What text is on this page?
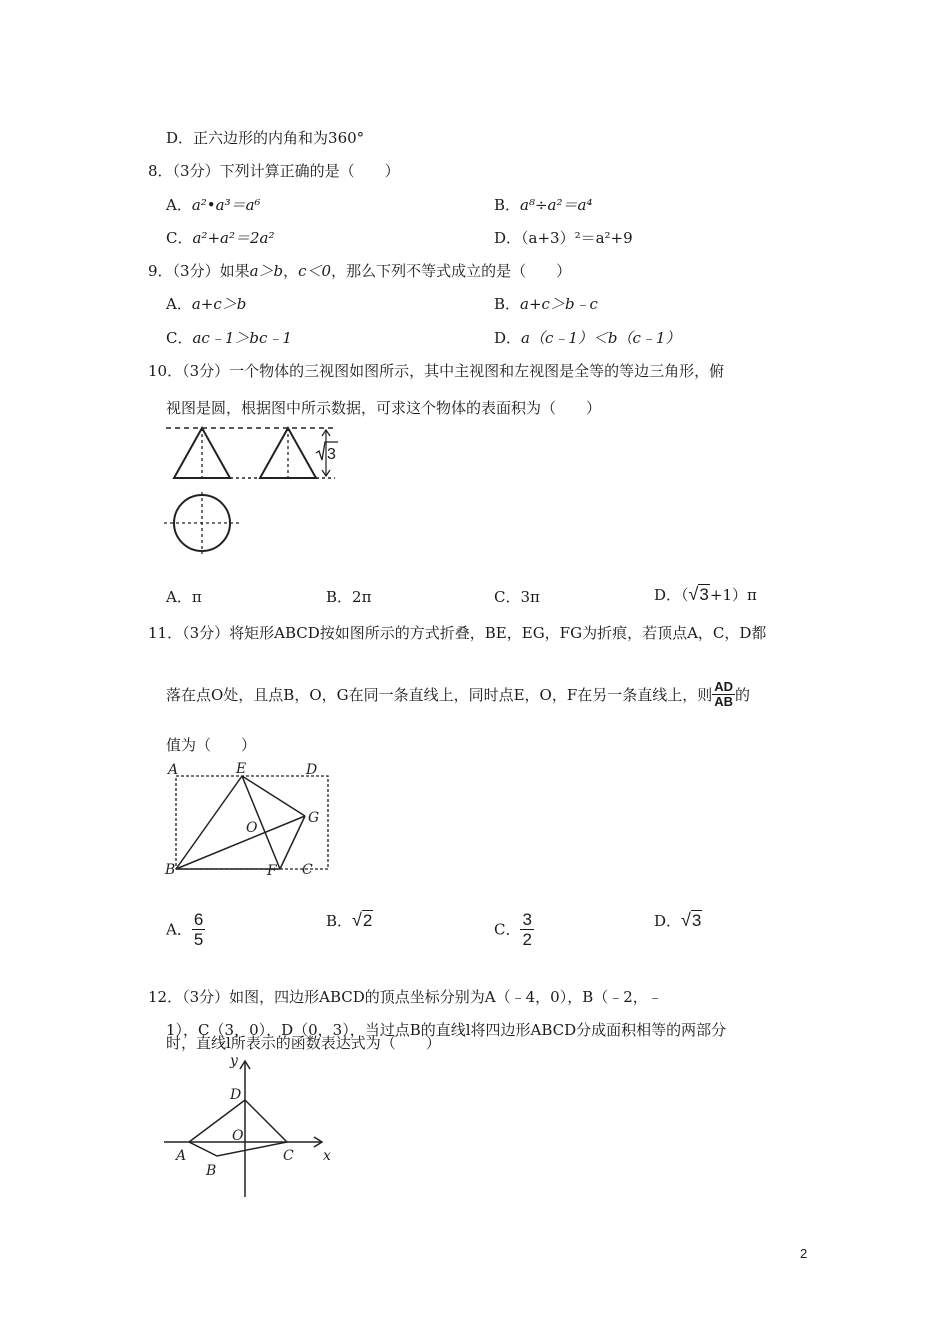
D．正六边形的内角和为360°
8．（3分）下列计算正确的是（　　）
A．a²•a³＝a⁶	B．a⁸÷a²＝a⁴
C．a²+a²＝2a²	D．（a+3）²＝a²+9
9．（3分）如果a＞b，c＜0，那么下列不等式成立的是（　　）
A．a+c＞b	B．a+c＞b﹣c
C．ac﹣1＞bc﹣1	D．a（c﹣1）＜b（c﹣1）
10．（3分）一个物体的三视图如图所示，其中主视图和左视图是全等的等边三角形，俯
视图是圆，根据图中所示数据，可求这个物体的表面积为（　　）
3
A．π	B．2π	C．3π	D．（√3+1）π
11．（3分）将矩形ABCD按如图所示的方式折叠，BE，EG，FG为折痕，若顶点A，C，D都
落在点O处，且点B，O，G在同一条直线上，同时点E，O，F在另一条直线上，则 $\frac{AD}{AB}$ 的
值为（　　）
A	E	D
O
G
B	F C
A． $\frac{6}{5}$	B．√2	C． $\frac{3}{2}$	D．√3
12．（3分）如图，四边形ABCD的顶点坐标分别为A（﹣4，0），B（﹣2，﹣
1），C（3，0），D（0，3），当过点B的直线l将四边形ABCD分成面积相等的两部分
时，直线l所表示的函数表达式为（　　）
y
x
D
O
A
B
C
2
